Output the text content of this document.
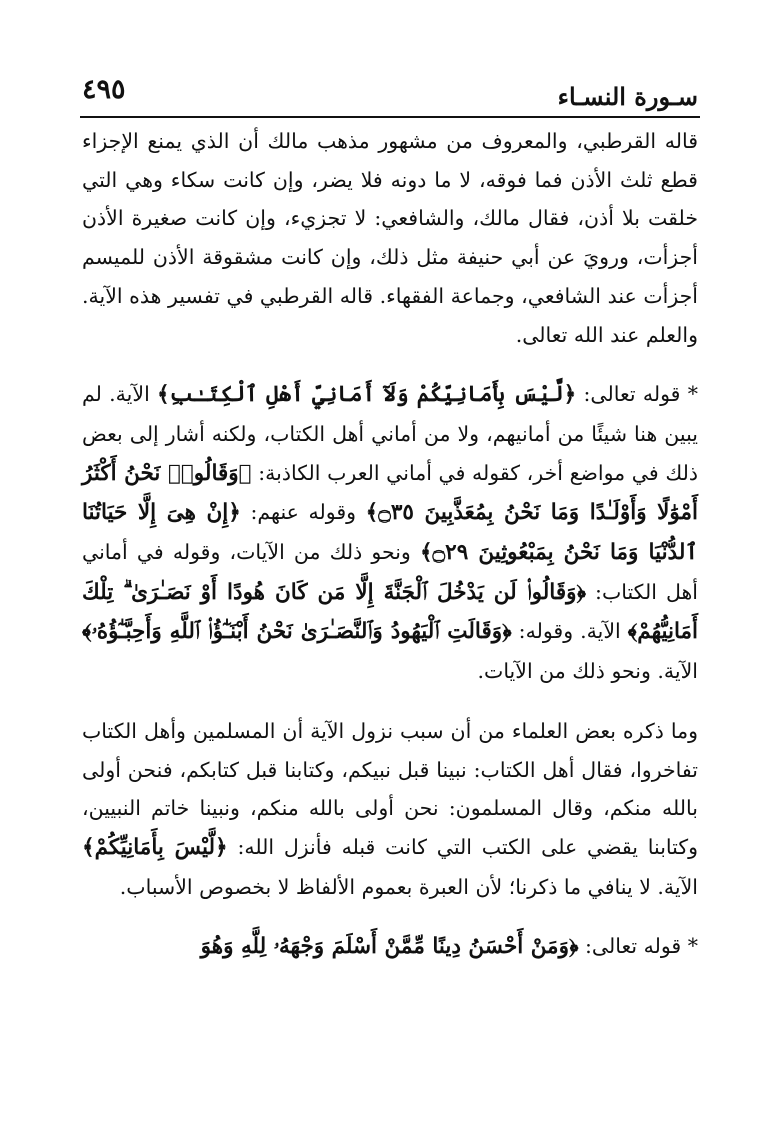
سـورة النسـاء
٤٩٥

قاله القرطبي، والمعروف من مشهور مذهب مالك أن الذي يمنع الإجزاء قطع ثلث الأذن فما فوقه، لا ما دونه فلا يضر، وإن كانت سكاء وهي التي خلقت بلا أذن، فقال مالك، والشافعي: لا تجزيء، وإن كانت صغيرة الأذن أجزأت، ورويَ عن أبي حنيفة مثل ذلك، وإن كانت مشقوقة الأذن للميسم أجزأت عند الشافعي، وجماعة الفقهاء. قاله القرطبي في تفسير هذه الآية. والعلم عند الله تعالى.

* قوله تعالى: ﴿لَّيْسَ بِأَمَانِيِّكُمْ وَلَآ أَمَانِيِّ أَهْلِ ٱلْكِتَـٰبِ﴾ الآية. لم يبين هنا شيئًا من أمانيهم، ولا من أماني أهل الكتاب، ولكنه أشار إلى بعض ذلك في مواضع أخر، كقوله في أماني العرب الكاذبة: ﴿وَقَالُوا۟ نَحْنُ أَكْثَرُ أَمْوَٰلًا وَأَوْلَـٰدًا وَمَا نَحْنُ بِمُعَذَّبِينَ ۝٣٥﴾ وقوله عنهم: ﴿إِنْ هِىَ إِلَّا حَيَاتُنَا ٱلدُّنْيَا وَمَا نَحْنُ بِمَبْعُوثِينَ ۝٢٩﴾ ونحو ذلك من الآيات، وقوله في أماني أهل الكتاب: ﴿وَقَالُوا۟ لَن يَدْخُلَ ٱلْجَنَّةَ إِلَّا مَن كَانَ هُودًا أَوْ نَصَـٰرَىٰ ۗ تِلْكَ أَمَانِيُّهُمْ﴾ الآية. وقوله: ﴿وَقَالَتِ ٱلْيَهُودُ وَٱلنَّصَـٰرَىٰ نَحْنُ أَبْنَـٰٓؤُا۟ ٱللَّهِ وَأَحِبَّـٰٓؤُهُۥ﴾ الآية. ونحو ذلك من الآيات.

وما ذكره بعض العلماء من أن سبب نزول الآية أن المسلمين وأهل الكتاب تفاخروا، فقال أهل الكتاب: نبينا قبل نبيكم، وكتابنا قبل كتابكم، فنحن أولى بالله منكم، وقال المسلمون: نحن أولى بالله منكم، ونبينا خاتم النبيين، وكتابنا يقضي على الكتب التي كانت قبله فأنزل الله: ﴿لَّيْسَ بِأَمَانِيِّكُمْ﴾ الآية. لا ينافي ما ذكرنا؛ لأن العبرة بعموم الألفاظ لا بخصوص الأسباب.

* قوله تعالى: ﴿وَمَنْ أَحْسَنُ دِينًا مِّمَّنْ أَسْلَمَ وَجْهَهُۥ لِلَّهِ وَهُوَ
